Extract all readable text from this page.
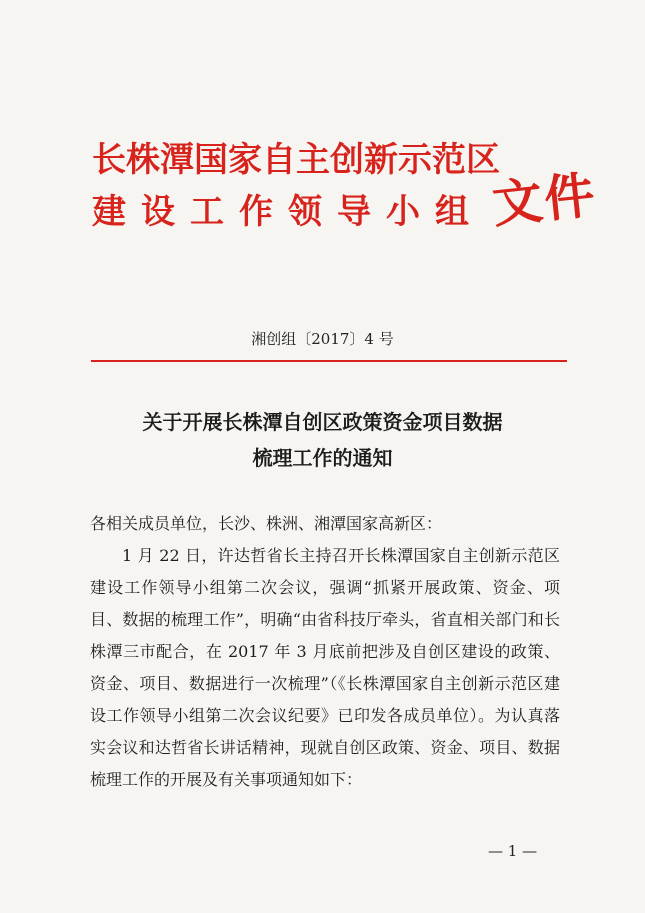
长株潭国家自主创新示范区
建设工作领导小组 文件
湘创组〔2017〕4 号
关于开展长株潭自创区政策资金项目数据
梳理工作的通知

各相关成员单位，长沙、株洲、湘潭国家高新区：

1 月 22 日，许达哲省长主持召开长株潭国家自主创新示范区建设工作领导小组第二次会议，强调“抓紧开展政策、资金、项目、数据的梳理工作”，明确“由省科技厅牵头，省直相关部门和长株潭三市配合，在 2017 年 3 月底前把涉及自创区建设的政策、资金、项目、数据进行一次梳理”（《长株潭国家自主创新示范区建设工作领导小组第二次会议纪要》已印发各成员单位）。为认真落实会议和达哲省长讲话精神，现就自创区政策、资金、项目、数据梳理工作的开展及有关事项通知如下：

— 1 —
